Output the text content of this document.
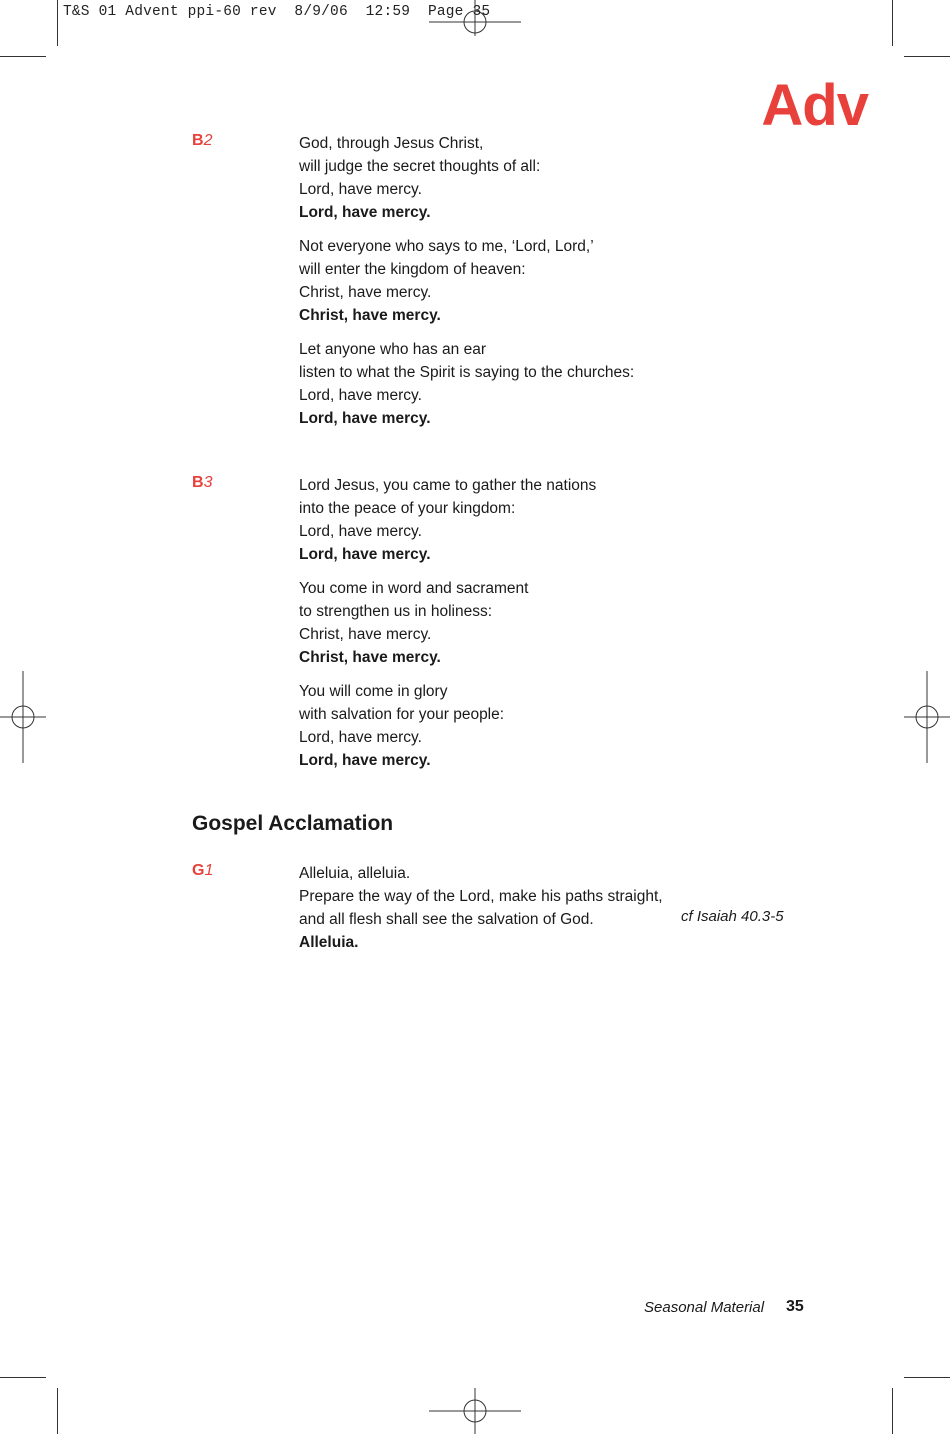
T&S 01 Advent ppi-60 rev  8/9/06  12:59  Page 35
Adv
B2	God, through Jesus Christ,
will judge the secret thoughts of all:
Lord, have mercy.
Lord, have mercy.
Not everyone who says to me, ‘Lord, Lord,’
will enter the kingdom of heaven:
Christ, have mercy.
Christ, have mercy.
Let anyone who has an ear
listen to what the Spirit is saying to the churches:
Lord, have mercy.
Lord, have mercy.
B3	Lord Jesus, you came to gather the nations
into the peace of your kingdom:
Lord, have mercy.
Lord, have mercy.
You come in word and sacrament
to strengthen us in holiness:
Christ, have mercy.
Christ, have mercy.
You will come in glory
with salvation for your people:
Lord, have mercy.
Lord, have mercy.
Gospel Acclamation
G1	Alleluia, alleluia.
Prepare the way of the Lord, make his paths straight,
and all flesh shall see the salvation of God.
Alleluia.
cf Isaiah 40.3-5
Seasonal Material 35
